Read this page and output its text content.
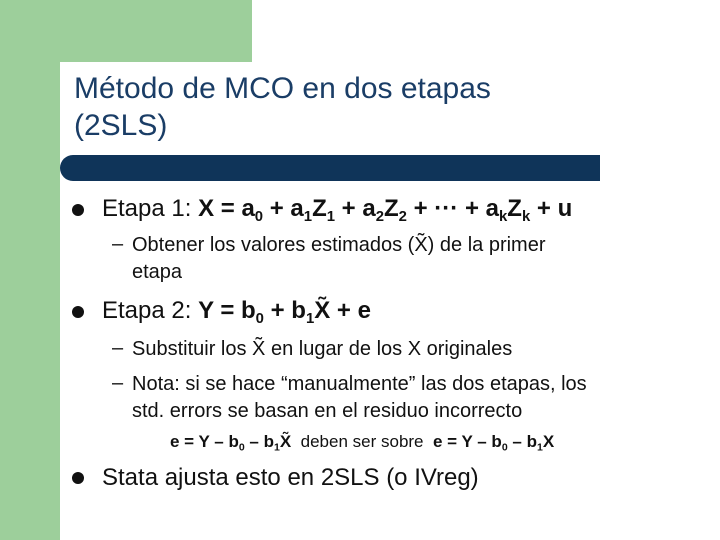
Método de MCO en dos etapas
(2SLS)
Etapa 1: $X = a_0 + a_1Z_1 + a_2Z_2$ + ··· + $a_kZ_k + u$
– Obtener los valores estimados (X̃) de la primer
etapa
Etapa 2: $Y = b_0$ + $b_1X̃ + e$
– Substituir los X̃ en lugar de los X originales
– Nota: si se hace “manualmente” las dos etapas, los
std. errors se basan en el residuo incorrecto
$e = Y - b_0$ – $b_1X̃$  deben ser sobre  $e = Y - b_0 - b_1X$
Stata ajusta esto en 2SLS (o IVreg)
